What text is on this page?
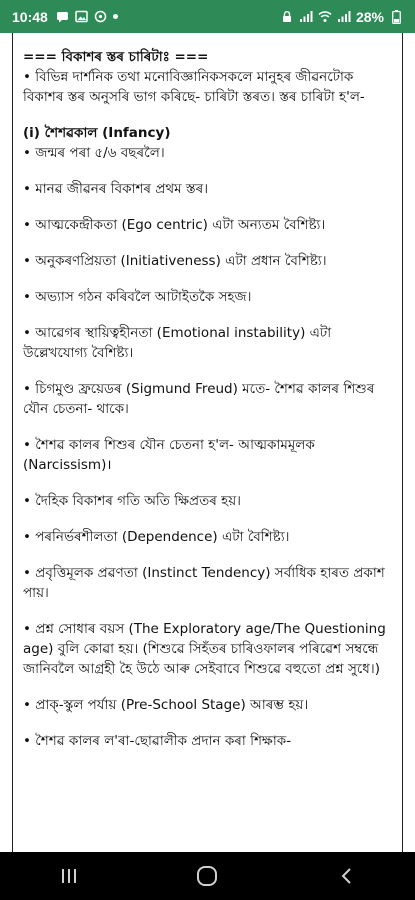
10:48	28%
=== বিকাশৰ স্তৰ চাৰিটাঃ ===

• বিভিন্ন দাৰ্শনিক তথা মনোবিজ্ঞানিকসকলে মানুহৰ জীৱনটোক বিকাশৰ স্তৰ অনুসৰি ভাগ কৰিছে- চাৰিটা স্তৰত। স্তৰ চাৰিটা হ'ল-

(i) শৈশৱকাল (Infancy)

• জন্মৰ পৰা ৫/৬ বছৰলৈ।

• মানৱ জীৱনৰ বিকাশৰ প্ৰথম স্তৰ।

• আত্মকেন্দ্ৰীকতা (Ego centric) এটা অন্যতম বৈশিষ্ট্য।

• অনুকৰণপ্ৰিয়তা (Initiativeness) এটা প্ৰধান বৈশিষ্ট্য।

• অভ্যাস গঠন কৰিবলৈ আটাইতকৈ সহজ।

• আৱেগৰ স্থায়িত্বহীনতা (Emotional instability) এটা উল্লেখযোগ্য বৈশিষ্ট্য।

• চিগমুণ্ড ফ্ৰয়েডৰ (Sigmund Freud) মতে- শৈশৱ কালৰ শিশুৰ যৌন চেতনা- থাকে।

• শৈশৱ কালৰ শিশুৰ যৌন চেতনা হ'ল- আত্মকামমূলক (Narcissism)।

• দৈহিক বিকাশৰ গতি অতি ক্ষিপ্ৰতৰ হয়।

• পৰনিৰ্ভৰশীলতা (Dependence) এটা বৈশিষ্ট্য।

• প্ৰবৃত্তিমূলক প্ৰৱণতা (Instinct Tendency) সৰ্বাধিক হাৰত প্ৰকাশ পায়।

• প্ৰশ্ন সোধাৰ বয়স (The Exploratory age/The Questioning age) বুলি কোৱা হয়। (শিশুৱে সিহঁতৰ চাৰিওফালৰ পৰিৱেশ সম্বন্ধে জানিবলৈ আগ্ৰহী হৈ উঠে আৰু সেইবাবে শিশুৱে বহুতো প্ৰশ্ন সুধে।)

• প্ৰাক্-স্কুল পৰ্যায় (Pre-School Stage) আৰম্ভ হয়।

• শৈশৱ কালৰ ল'ৰা-ছোৱালীক প্ৰদান কৰা শিক্ষাক-
